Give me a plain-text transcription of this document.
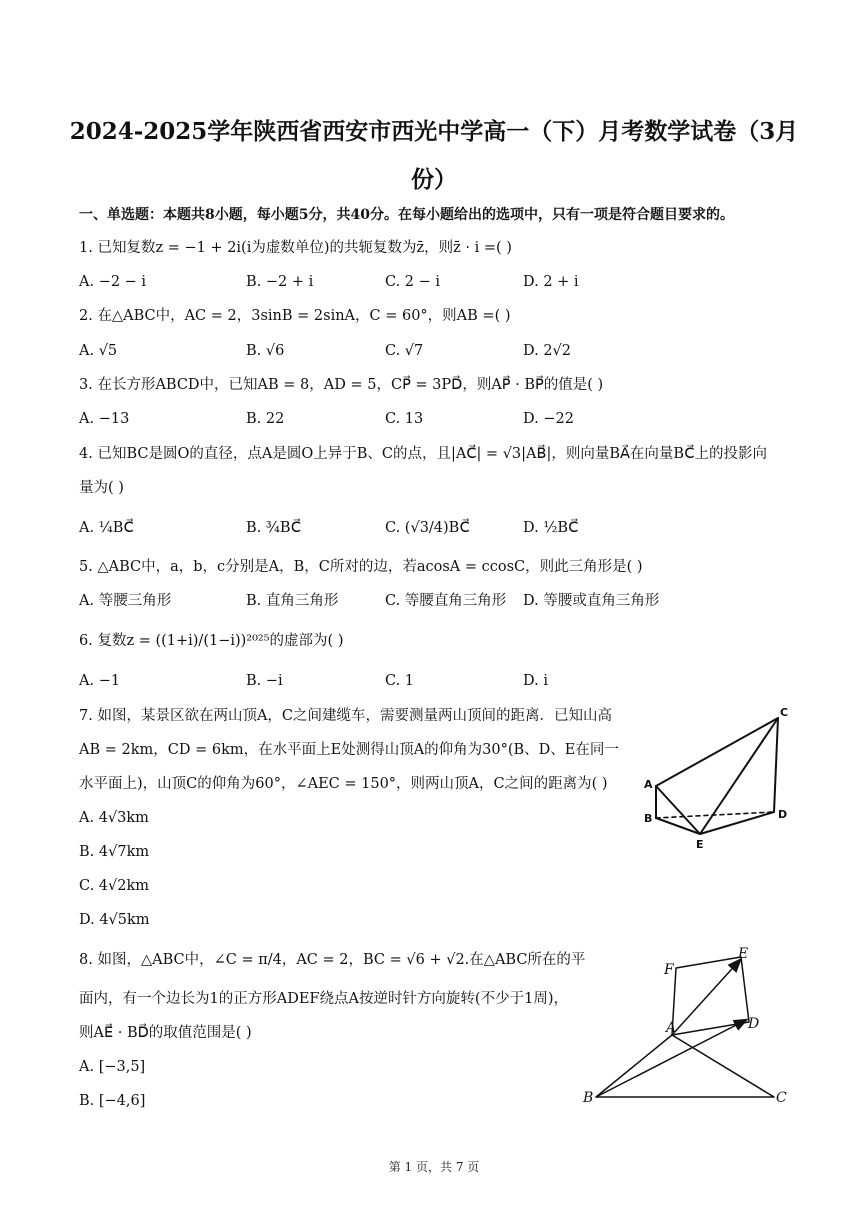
2024-2025学年陕西省西安市西光中学高一（下）月考数学试卷（3月份）
一、单选题：本题共8小题，每小题5分，共40分。在每小题给出的选项中，只有一项是符合题目要求的。
1. 已知复数z = −1 + 2i(i为虚数单位)的共轭复数为z̄，则z̄ · i =( )
A. −2 − i	B. −2 + i	C. 2 − i	D. 2 + i
2. 在△ABC中，AC = 2，3sinB = 2sinA，C = 60°，则AB =( )
A. √5	B. √6	C. √7	D. 2√2
3. 在长方形ABCD中，已知AB = 8，AD = 5，CP⃗ = 3PD⃗，则AP⃗ · BP⃗的值是( )
A. −13	B. 22	C. 13	D. −22
4. 已知BC是圆O的直径，点A是圆O上异于B、C的点，且|AC⃗| = √3|AB⃗|，则向量BA⃗在向量BC⃗上的投影向
量为( )
A. ¼BC⃗	B. ¾BC⃗	C. (√3/4)BC⃗	D. ½BC⃗
5. △ABC中，a，b，c分别是A，B，C所对的边，若acosA = ccosC，则此三角形是( )
A. 等腰三角形	B. 直角三角形	C. 等腰直角三角形 D. 等腰或直角三角形
6. 复数z = ((1+i)/(1−i))²⁰²⁵的虚部为( )
A. −1	B. −i	C. 1	D. i
7. 如图，某景区欲在两山顶A，C之间建缆车，需要测量两山顶间的距离．已知山高
AB = 2km，CD = 6km，在水平面上E处测得山顶A的仰角为30°(B、D、E在同一
水平面上)，山顶C的仰角为60°，∠AEC = 150°，则两山顶A，C之间的距离为( )
A. 4√3km
B. 4√7km
C. 4√2km
D. 4√5km
C
A
B	D
E
8. 如图，△ABC中，∠C = π/4，AC = 2，BC = √6 + √2.在△ABC所在的平
面内，有一个边长为1的正方形ADEF绕点A按逆时针方向旋转(不少于1周)，
则AE⃗ · BD⃗的取值范围是( )
A. [−3,5]
B. [−4,6]
F
E
A	D
B	C
第 1 页，共 7 页
